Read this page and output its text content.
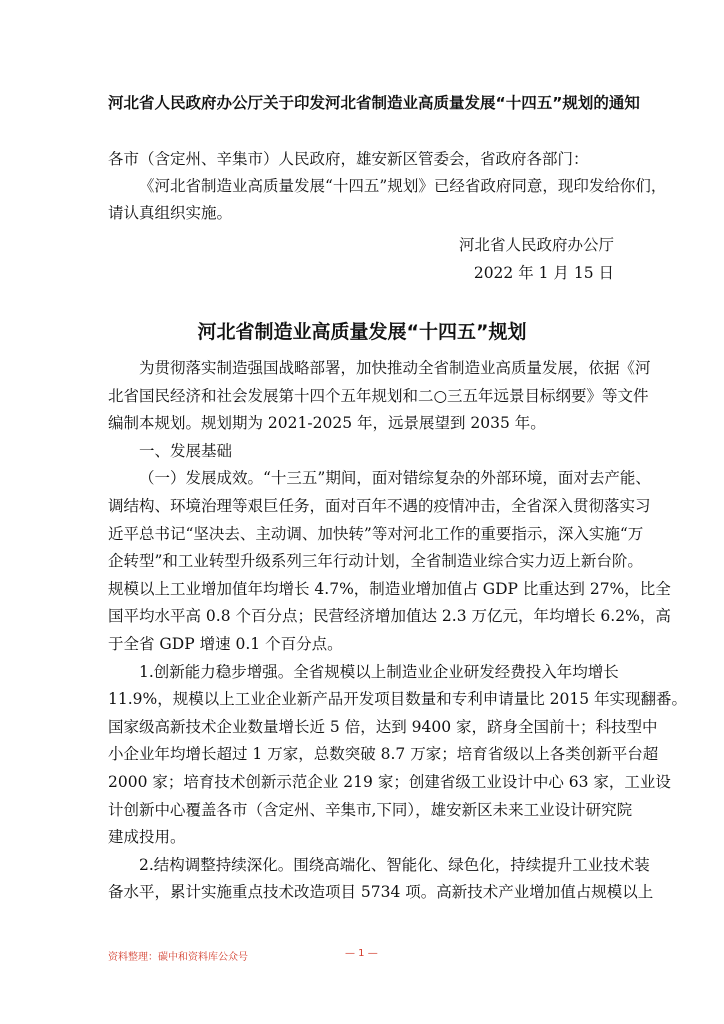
河北省人民政府办公厅关于印发河北省制造业高质量发展“十四五”规划的通知
各市（含定州、辛集市）人民政府，雄安新区管委会，省政府各部门：
《河北省制造业高质量发展“十四五”规划》已经省政府同意，现印发给你们，
请认真组织实施。
河北省人民政府办公厅
2022 年 1 月 15 日
河北省制造业高质量发展“十四五”规划
为贯彻落实制造强国战略部署，加快推动全省制造业高质量发展，依据《河
北省国民经济和社会发展第十四个五年规划和二○三五年远景目标纲要》等文件
编制本规划。规划期为 2021-2025 年，远景展望到 2035 年。
一、发展基础
（一）发展成效。“十三五”期间，面对错综复杂的外部环境，面对去产能、
调结构、环境治理等艰巨任务，面对百年不遇的疫情冲击，全省深入贯彻落实习
近平总书记“坚决去、主动调、加快转”等对河北工作的重要指示，深入实施“万
企转型”和工业转型升级系列三年行动计划，全省制造业综合实力迈上新台阶。
规模以上工业增加值年均增长 4.7%，制造业增加值占 GDP 比重达到 27%，比全
国平均水平高 0.8 个百分点；民营经济增加值达 2.3 万亿元，年均增长 6.2%，高
于全省 GDP 增速 0.1 个百分点。
1.创新能力稳步增强。全省规模以上制造业企业研发经费投入年均增长
11.9%，规模以上工业企业新产品开发项目数量和专利申请量比 2015 年实现翻番。
国家级高新技术企业数量增长近 5 倍，达到 9400 家，跻身全国前十；科技型中
小企业年均增长超过 1 万家，总数突破 8.7 万家；培育省级以上各类创新平台超
2000 家；培育技术创新示范企业 219 家；创建省级工业设计中心 63 家，工业设
计创新中心覆盖各市（含定州、辛集市,下同），雄安新区未来工业设计研究院
建成投用。
2.结构调整持续深化。围绕高端化、智能化、绿色化，持续提升工业技术装
备水平，累计实施重点技术改造项目 5734 项。高新技术产业增加值占规模以上
资料整理：碳中和资料库公众号	— 1 —
